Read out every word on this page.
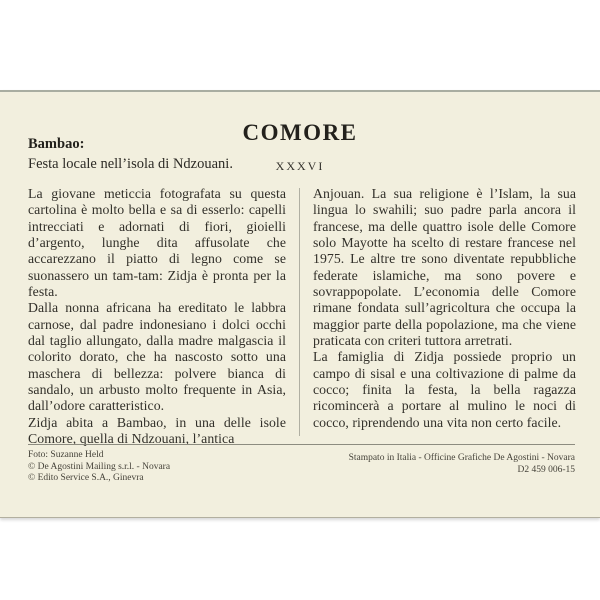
COMORE
XXXVI
Bambao:
Festa locale nell’isola di Ndzouani.

La giovane meticcia fotografata su questa cartolina è molto bella e sa di esserlo: capelli intrecciati e adornati di fiori, gioielli d’argento, lunghe dita affusolate che accarezzano il piatto di legno come se suonassero un tam-tam: Zidja è pronta per la festa.

Dalla nonna africana ha ereditato le labbra carnose, dal padre indonesiano i dolci occhi dal taglio allungato, dalla madre malgascia il colorito dorato, che ha nascosto sotto una maschera di bellezza: polvere bianca di sandalo, un arbusto molto frequente in Asia, dall’odore caratteristico.

Zidja abita a Bambao, in una delle isole Comore, quella di Ndzouani, l’antica

Anjouan. La sua religione è l’Islam, la sua lingua lo swahili; suo padre parla ancora il francese, ma delle quattro isole delle Comore solo Mayotte ha scelto di restare francese nel 1975. Le altre tre sono diventate repubbliche federate islamiche, ma sono povere e sovrappopolate. L’economia delle Comore rimane fondata sull’agricoltura che occupa la maggior parte della popolazione, ma che viene praticata con criteri tuttora arretrati.

La famiglia di Zidja possiede proprio un campo di sisal e una coltivazione di palme da cocco; finita la festa, la bella ragazza ricomincerà a portare al mulino le noci di cocco, riprendendo una vita non certo facile.

Foto: Suzanne Held
© De Agostini Mailing s.r.l. - Novara
© Edito Service S.A., Ginevra
Stampato in Italia - Officine Grafiche De Agostini - Novara
D2 459 006-15
